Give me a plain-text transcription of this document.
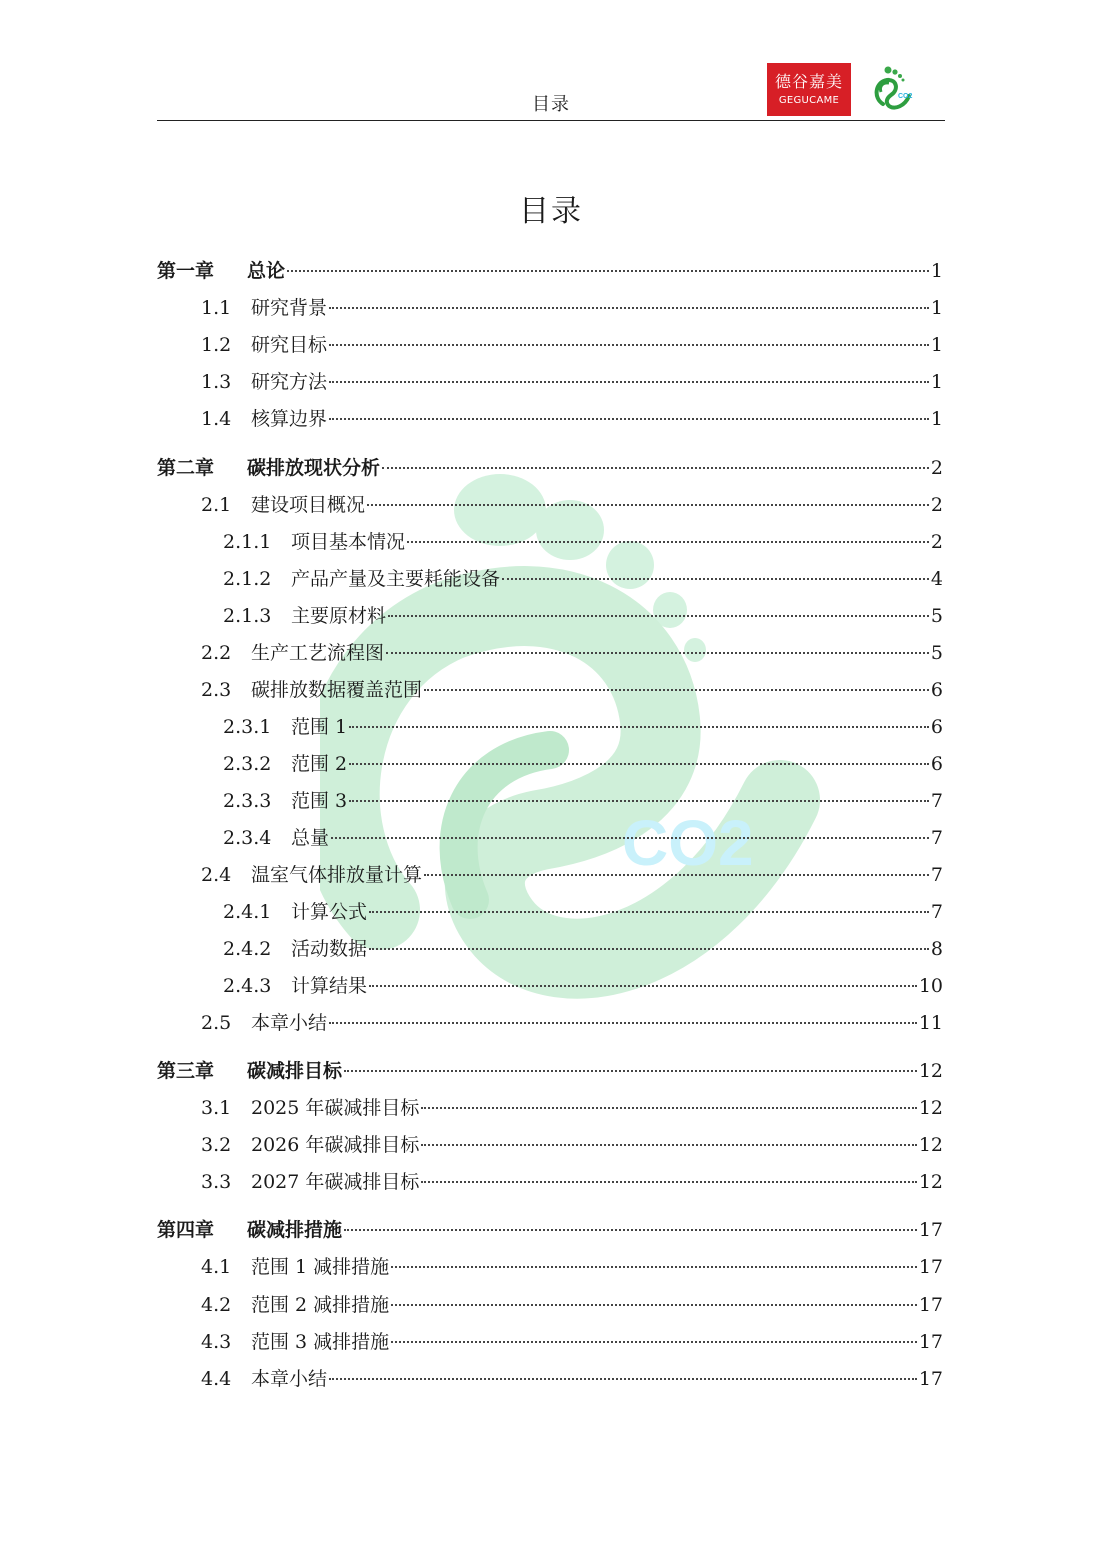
目录
德谷嘉美
GEGUCAME	CO2
CO2
目录
第一章	总论	1
1.1	研究背景	1
1.2	研究目标	1
1.3	研究方法	1
1.4	核算边界	1
第二章	碳排放现状分析	2
2.1	建设项目概况	2
2.1.1	项目基本情况	2
2.1.2	产品产量及主要耗能设备	4
2.1.3	主要原材料	5
2.2	生产工艺流程图	5
2.3	碳排放数据覆盖范围	6
2.3.1	范围 1	6
2.3.2	范围 2	6
2.3.3	范围 3	7
2.3.4	总量	7
2.4	温室气体排放量计算	7
2.4.1	计算公式	7
2.4.2	活动数据	8
2.4.3	计算结果	10
2.5	本章小结	11
第三章	碳减排目标	12
3.1	2025 年碳减排目标	12
3.2	2026 年碳减排目标	12
3.3	2027 年碳减排目标	12
第四章	碳减排措施	17
4.1	范围 1 减排措施	17
4.2	范围 2 减排措施	17
4.3	范围 3 减排措施	17
4.4	本章小结	17
